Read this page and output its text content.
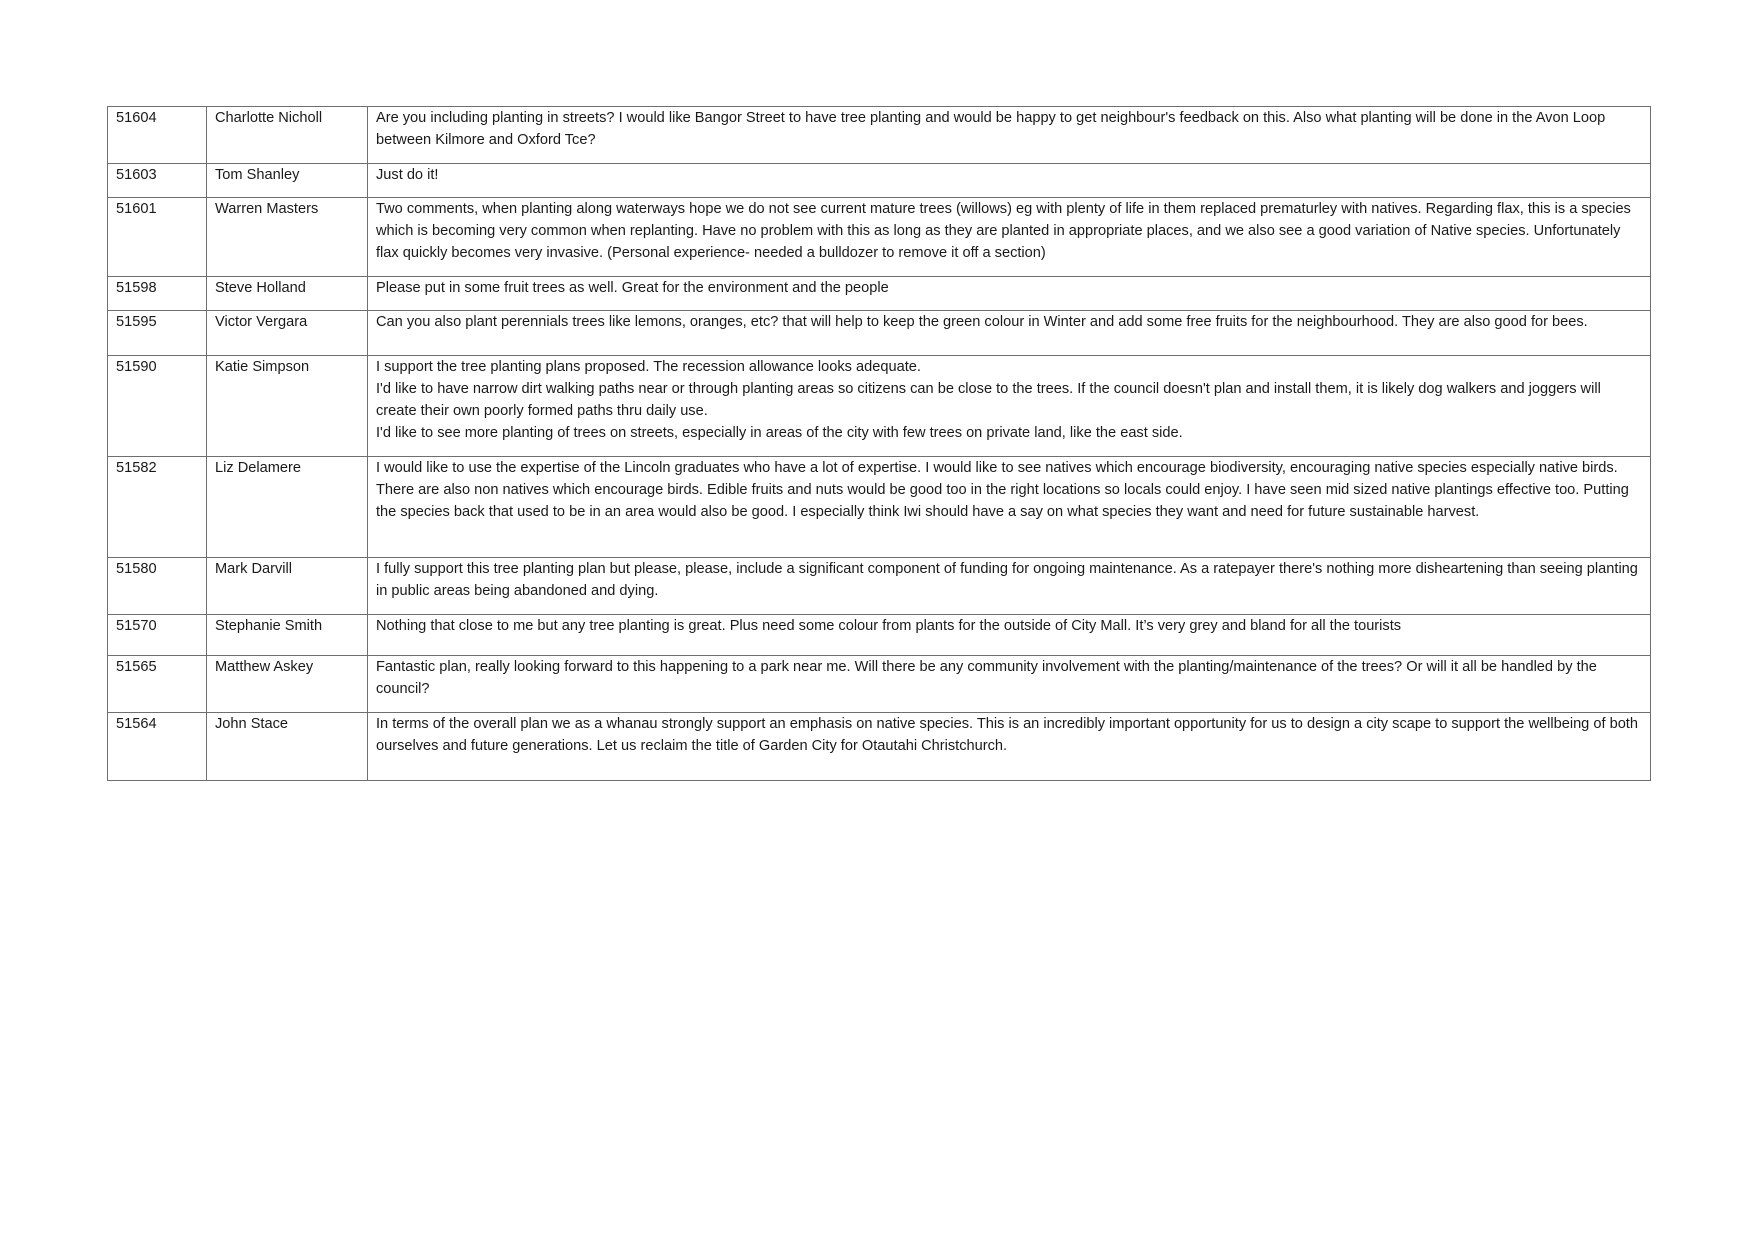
51604	Charlotte Nicholl	Are you including planting in streets? I would like Bangor Street to have tree planting and would be happy to get neighbour's feedback on this. Also what planting will be done in the Avon Loop between Kilmore and Oxford Tce?

51603	Tom Shanley	Just do it!

51601	Warren Masters	Two comments, when planting along waterways hope we do not see current mature trees (willows) eg with plenty of life in them replaced prematurley with natives. Regarding flax, this is a species which is becoming very common when replanting. Have no problem with this as long as they are planted in appropriate places, and we also see a good variation of Native species. Unfortunately flax quickly becomes very invasive. (Personal experience- needed a bulldozer to remove it off a section)

51598	Steve Holland	Please put in some fruit trees as well. Great for the environment and the people

51595	Victor Vergara	Can you also plant perennials trees like lemons, oranges, etc? that will help to keep the green colour in Winter and add some free fruits for the neighbourhood. They are also good for bees.

51590	Katie Simpson	I support the tree planting plans proposed. The recession allowance looks adequate.
I'd like to have narrow dirt walking paths near or through planting areas so citizens can be close to the trees. If the council doesn't plan and install them, it is likely dog walkers and joggers will create their own poorly formed paths thru daily use.
I'd like to see more planting of trees on streets, especially in areas of the city with few trees on private land, like the east side.

51582	Liz Delamere	I would like to use the expertise of the Lincoln graduates who have a lot of expertise. I would like to see natives which encourage biodiversity, encouraging native species especially native birds. There are also non natives which encourage birds. Edible fruits and nuts would be good too in the right locations so locals could enjoy. I have seen mid sized native plantings effective too. Putting the species back that used to be in an area would also be good. I especially think Iwi should have a say on what species they want and need for future sustainable harvest.

51580	Mark Darvill	I fully support this tree planting plan but please, please, include a significant component of funding for ongoing maintenance. As a ratepayer there's nothing more disheartening than seeing planting in public areas being abandoned and dying.

51570	Stephanie Smith	Nothing that close to me but any tree planting is great. Plus need some colour from plants for the outside of City Mall. It’s very grey and bland for all the tourists

51565	Matthew Askey	Fantastic plan, really looking forward to this happening to a park near me. Will there be any community involvement with the planting/maintenance of the trees? Or will it all be handled by the council?

51564	John Stace	In terms of the overall plan we as a whanau strongly support an emphasis on native species. This is an incredibly important opportunity for us to design a city scape to support the wellbeing of both ourselves and future generations. Let us reclaim the title of Garden City for Otautahi Christchurch.
